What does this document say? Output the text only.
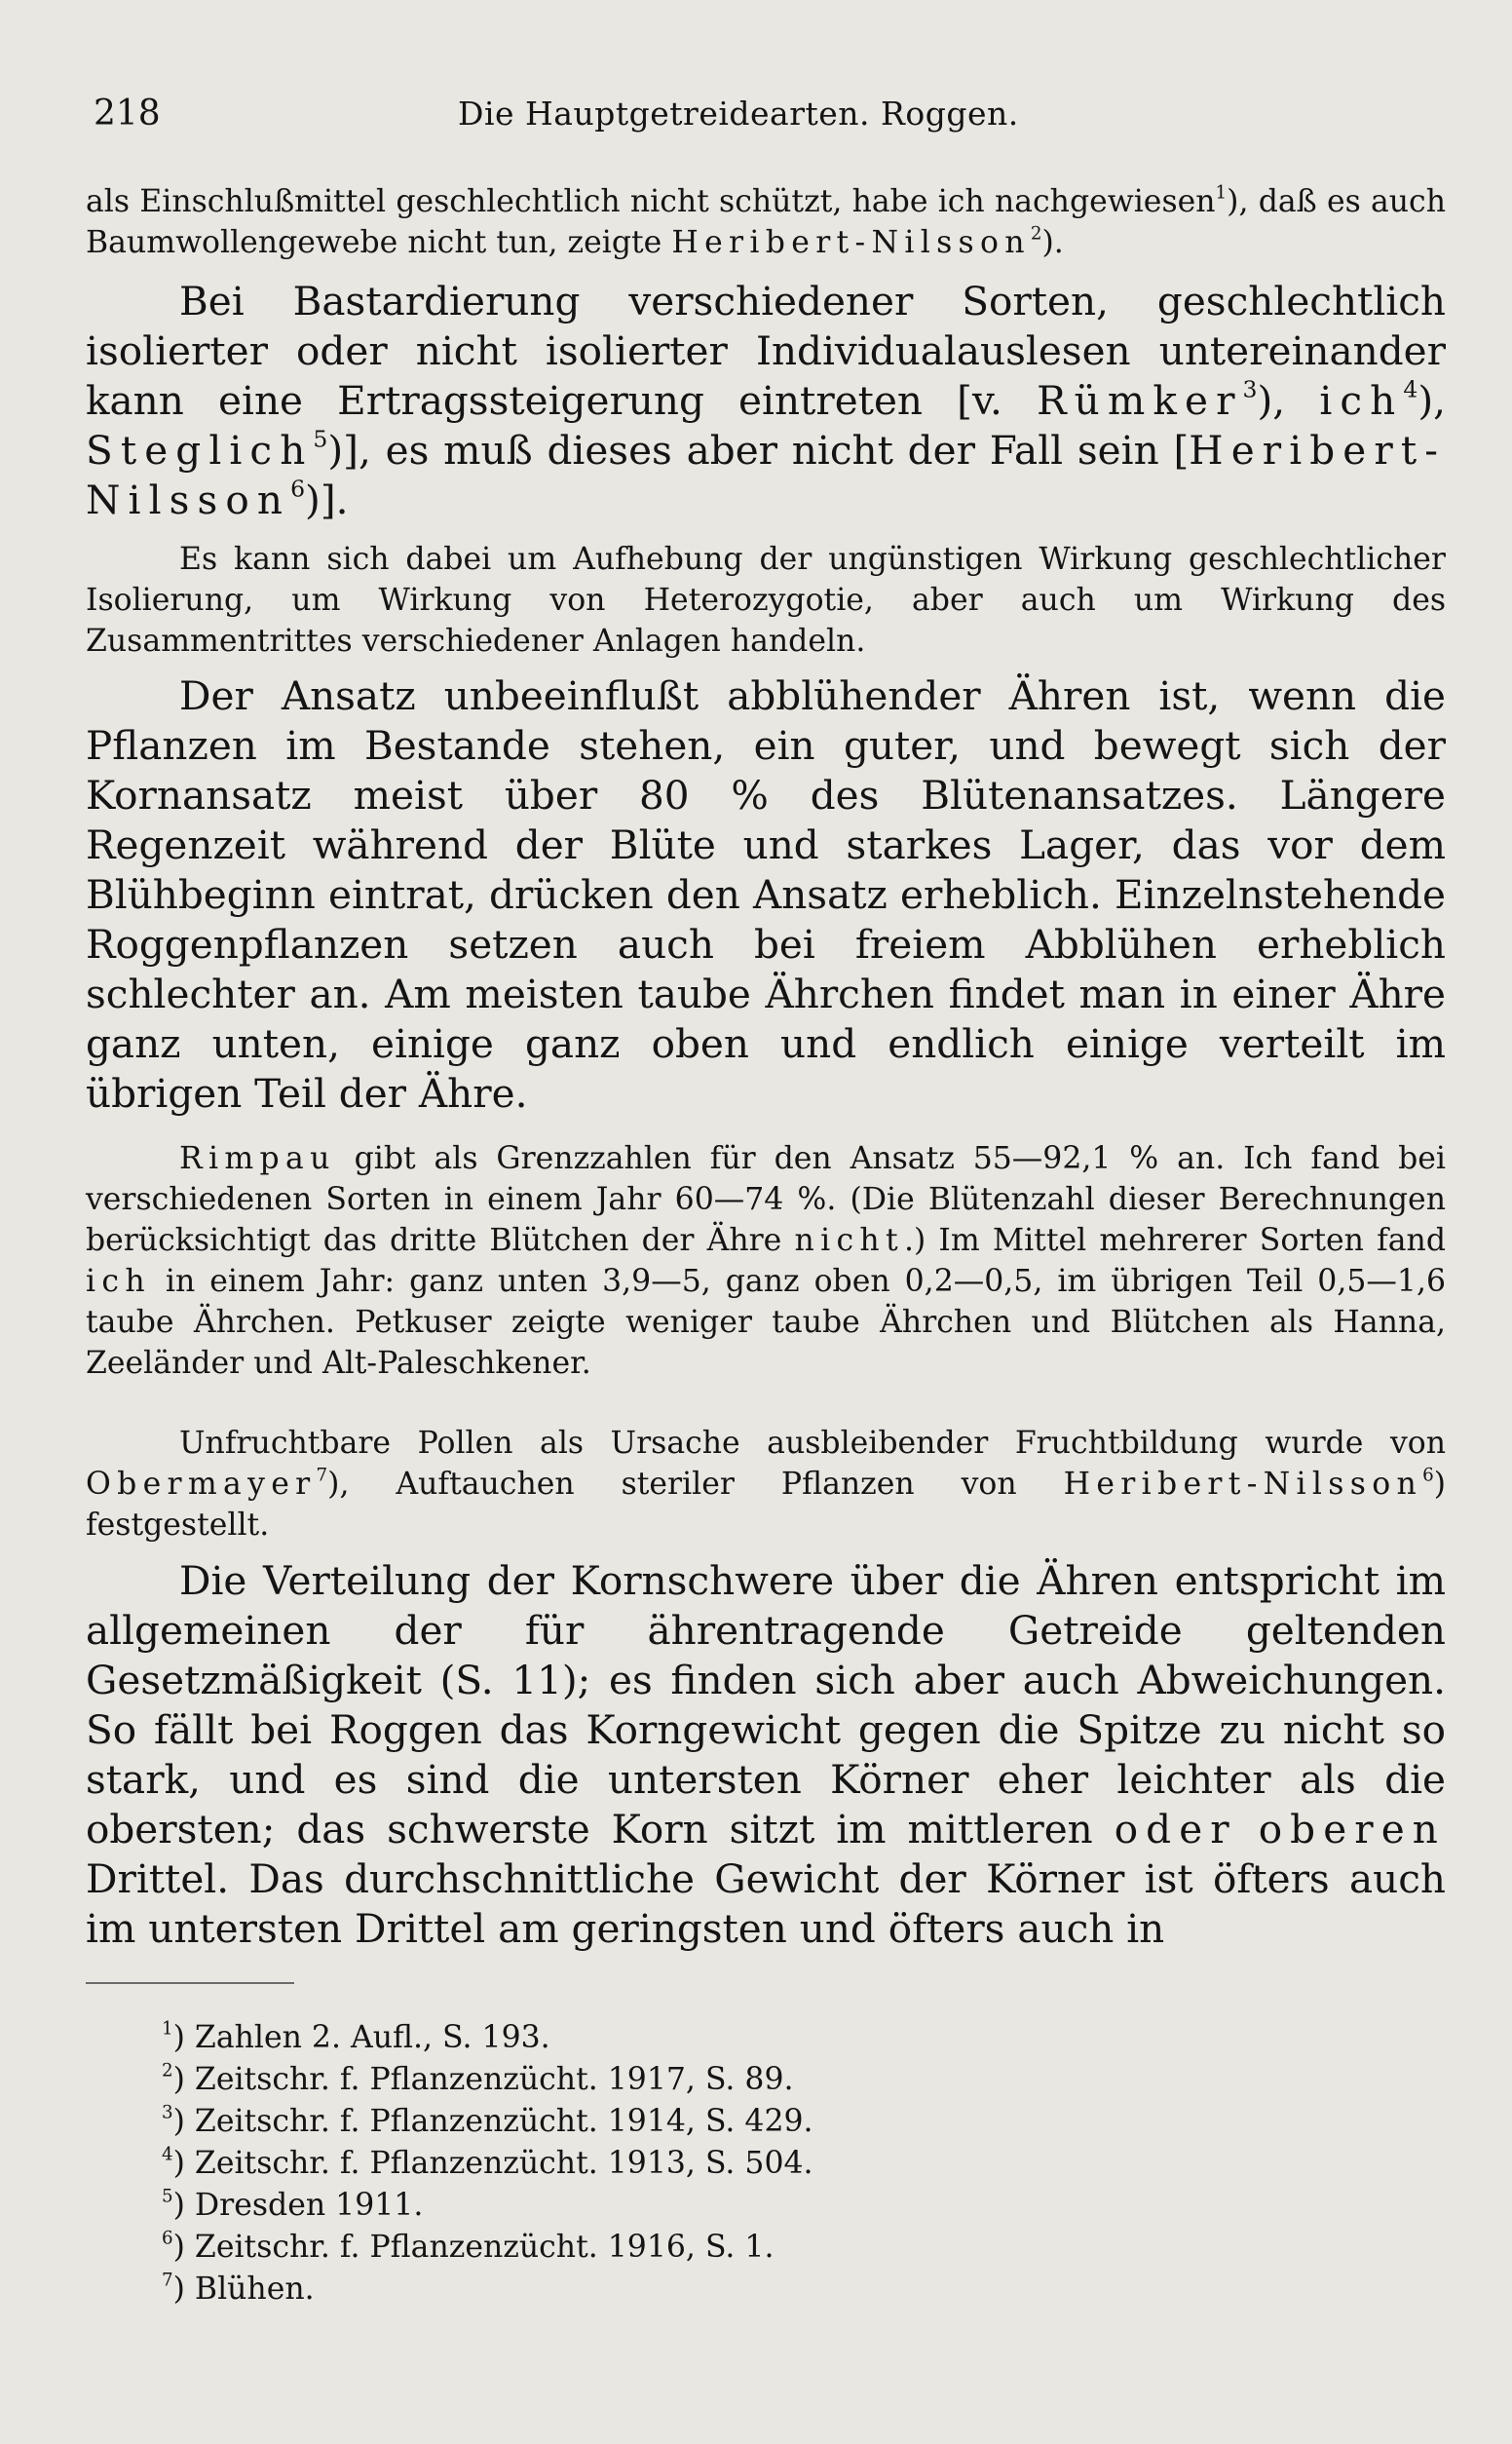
218	Die Hauptgetreidearten. Roggen.
als Einschlußmittel geschlechtlich nicht schützt, habe ich nachgewiesen$^1$), daß es auch Baumwollengewebe nicht tun, zeigte Heribert-Nilsson$^2$).
Bei Bastardierung verschiedener Sorten, geschlechtlich isolierter oder nicht isolierter Individualauslesen untereinander kann eine Ertragssteigerung eintreten [v. Rümker$^3$), ich$^4$), Steglich$^5$)], es muß dieses aber nicht der Fall sein [Heribert-Nilsson$^6$)].
Es kann sich dabei um Aufhebung der ungünstigen Wirkung geschlechtlicher Isolierung, um Wirkung von Heterozygotie, aber auch um Wirkung des Zusammentrittes verschiedener Anlagen handeln.
Der Ansatz unbeeinflußt abblühender Ähren ist, wenn die Pflanzen im Bestande stehen, ein guter, und bewegt sich der Kornansatz meist über 80 % des Blütenansatzes. Längere Regenzeit während der Blüte und starkes Lager, das vor dem Blühbeginn eintrat, drücken den Ansatz erheblich. Einzelnstehende Roggenpflanzen setzen auch bei freiem Abblühen erheblich schlechter an. Am meisten taube Ährchen findet man in einer Ähre ganz unten, einige ganz oben und endlich einige verteilt im übrigen Teil der Ähre.
Rimpau gibt als Grenzzahlen für den Ansatz 55—92,1 % an. Ich fand bei verschiedenen Sorten in einem Jahr 60—74 %. (Die Blütenzahl dieser Berechnungen berücksichtigt das dritte Blütchen der Ähre nicht.) Im Mittel mehrerer Sorten fand ich in einem Jahr: ganz unten 3,9—5, ganz oben 0,2—0,5, im übrigen Teil 0,5—1,6 taube Ährchen. Petkuser zeigte weniger taube Ährchen und Blütchen als Hanna, Zeeländer und Alt-Paleschkener.
Unfruchtbare Pollen als Ursache ausbleibender Fruchtbildung wurde von Obermayer$^7$), Auftauchen steriler Pflanzen von Heribert-Nilsson$^6$) festgestellt.
Die Verteilung der Kornschwere über die Ähren entspricht im allgemeinen der für ährentragende Getreide geltenden Gesetzmäßigkeit (S. 11); es finden sich aber auch Abweichungen. So fällt bei Roggen das Korngewicht gegen die Spitze zu nicht so stark, und es sind die untersten Körner eher leichter als die obersten; das schwerste Korn sitzt im mittleren oder oberen Drittel. Das durchschnittliche Gewicht der Körner ist öfters auch im untersten Drittel am geringsten und öfters auch in

$^1$) Zahlen 2. Aufl., S. 193.

$^2$) Zeitschr. f. Pflanzenzücht. 1917, S. 89.

$^3$) Zeitschr. f. Pflanzenzücht. 1914, S. 429.

$^4$) Zeitschr. f. Pflanzenzücht. 1913, S. 504.

$^5$) Dresden 1911.

$^6$) Zeitschr. f. Pflanzenzücht. 1916, S. 1.

$^7$) Blühen.
